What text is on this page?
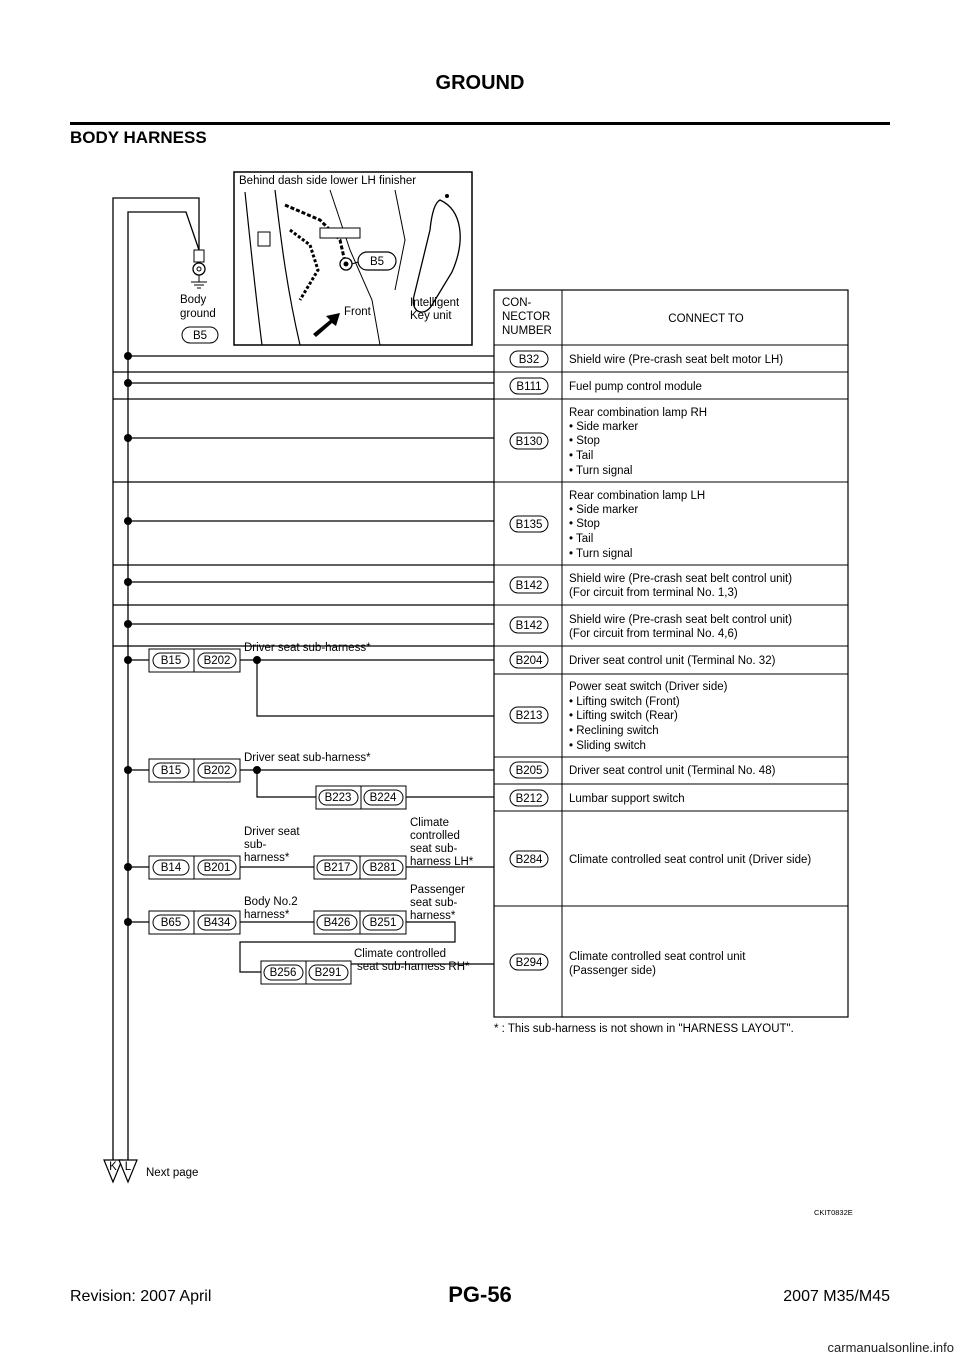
GROUND
BODY HARNESS
Behind dash side lower LH finisher
B5
Front
Intelligent
Key unit
Body
ground
B5
CON-
NECTOR
NUMBER
CONNECT TO
B32
B111
B130
B135
B142
B142
B204
B213
B205
B212
B284
B294
Shield wire (Pre-crash seat belt motor LH)
Fuel pump control module
Rear combination lamp RH
• Side marker
• Stop
• Tail
• Turn signal
Rear combination lamp LH
• Side marker
• Stop
• Tail
• Turn signal
Shield wire (Pre-crash seat belt control unit)
(For circuit from terminal No. 1,3)
Shield wire (Pre-crash seat belt control unit)
(For circuit from terminal No. 4,6)
Driver seat control unit (Terminal No. 32)
Power seat switch (Driver side)
• Lifting switch (Front)
• Lifting switch (Rear)
• Reclining switch
• Sliding switch
Driver seat control unit (Terminal No. 48)
Lumbar support switch
Climate controlled seat control unit (Driver side)
Climate controlled seat control unit
(Passenger side)
B15 B202
Driver seat sub-harness*
B15 B202
Driver seat sub-harness*
B223 B224
B14 B201
Driver seat
sub-
harness*
B217 B281
Climate
controlled
seat sub-
harness LH*
B65 B434
Body No.2
harness*
B426 B251
Passenger
seat sub-
harness*
B256 B291
Climate controlled
seat sub-harness RH*
* : This sub-harness is not shown in "HARNESS LAYOUT".
K L Next page
CKIT0832E
Revision: 2007 April	PG-56	2007 M35/M45
carmanualsonline.info
